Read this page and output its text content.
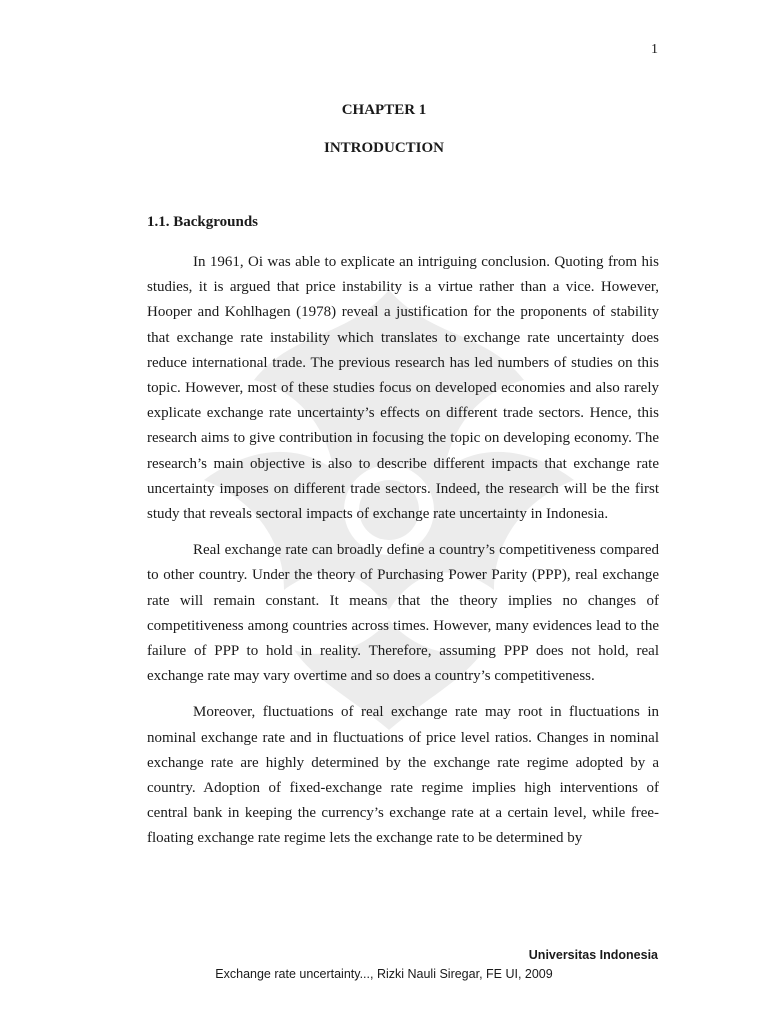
1
CHAPTER 1
INTRODUCTION
1.1. Backgrounds

In 1961, Oi was able to explicate an intriguing conclusion. Quoting from his studies, it is argued that price instability is a virtue rather than a vice. However, Hooper and Kohlhagen (1978) reveal a justification for the proponents of stability that exchange rate instability which translates to exchange rate uncertainty does reduce international trade. The previous research has led numbers of studies on this topic. However, most of these studies focus on developed economies and also rarely explicate exchange rate uncertainty’s effects on different trade sectors. Hence, this research aims to give contribution in focusing the topic on developing economy. The research’s main objective is also to describe different impacts that exchange rate uncertainty imposes on different trade sectors. Indeed, the research will be the first study that reveals sectoral impacts of exchange rate uncertainty in Indonesia.

Real exchange rate can broadly define a country’s competitiveness compared to other country. Under the theory of Purchasing Power Parity (PPP), real exchange rate will remain constant. It means that the theory implies no changes of competitiveness among countries across times. However, many evidences lead to the failure of PPP to hold in reality. Therefore, assuming PPP does not hold, real exchange rate may vary overtime and so does a country’s competitiveness.

Moreover, fluctuations of real exchange rate may root in fluctuations in nominal exchange rate and in fluctuations of price level ratios. Changes in nominal exchange rate are highly determined by the exchange rate regime adopted by a country. Adoption of fixed-exchange rate regime implies high interventions of central bank in keeping the currency’s exchange rate at a certain level, while free-floating exchange rate regime lets the exchange rate to be determined by

Universitas Indonesia
Exchange rate uncertainty..., Rizki Nauli Siregar, FE UI, 2009
